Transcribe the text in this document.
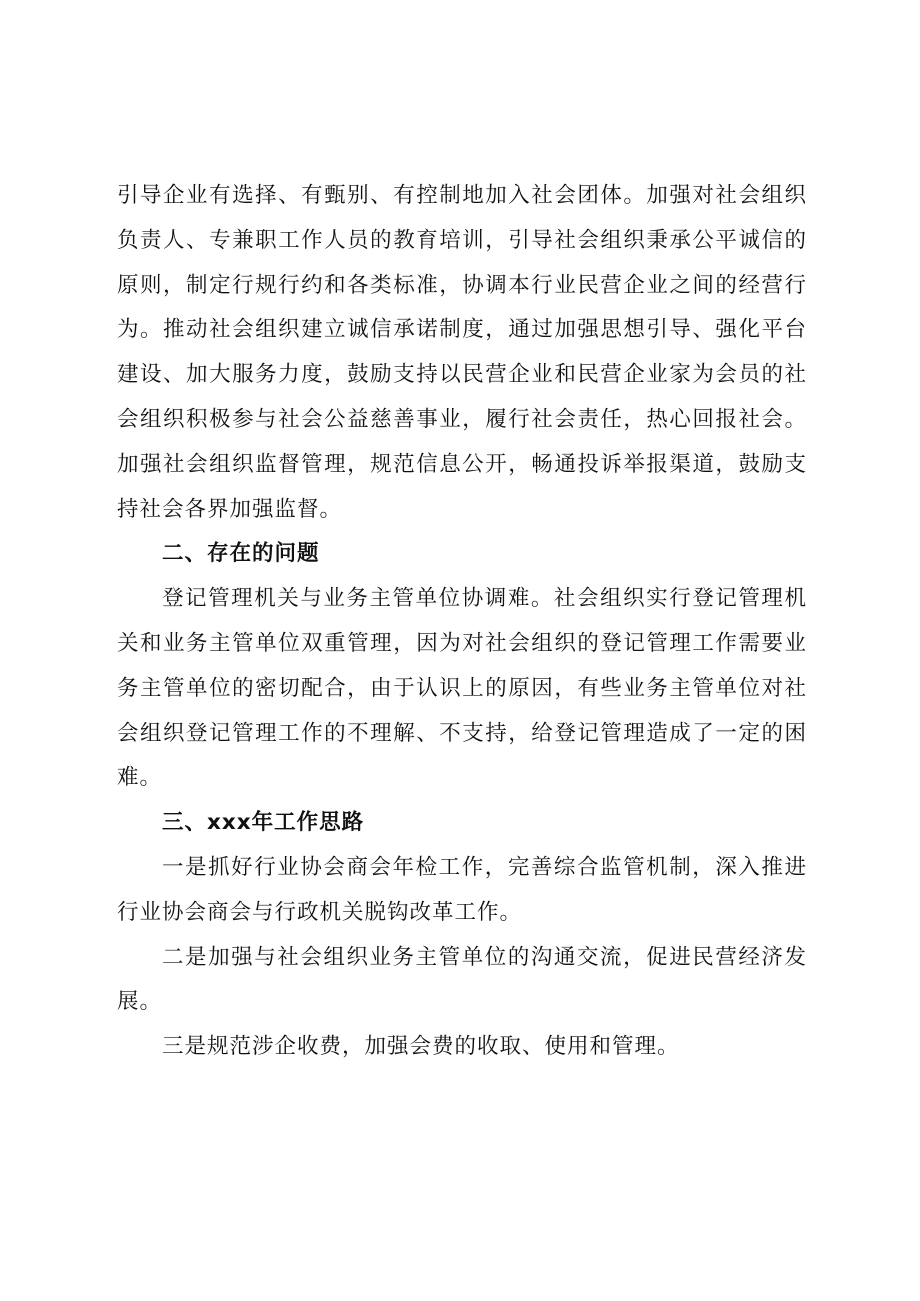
引导企业有选择、有甄别、有控制地加入社会团体。加强对社会组织负责人、专兼职工作人员的教育培训，引导社会组织秉承公平诚信的原则，制定行规行约和各类标准，协调本行业民营企业之间的经营行为。推动社会组织建立诚信承诺制度，通过加强思想引导、强化平台建设、加大服务力度，鼓励支持以民营企业和民营企业家为会员的社会组织积极参与社会公益慈善事业，履行社会责任，热心回报社会。加强社会组织监督管理，规范信息公开，畅通投诉举报渠道，鼓励支持社会各界加强监督。

二、存在的问题

登记管理机关与业务主管单位协调难。社会组织实行登记管理机关和业务主管单位双重管理，因为对社会组织的登记管理工作需要业务主管单位的密切配合，由于认识上的原因，有些业务主管单位对社会组织登记管理工作的不理解、不支持，给登记管理造成了一定的困难。

三、xxx年工作思路

一是抓好行业协会商会年检工作，完善综合监管机制，深入推进行业协会商会与行政机关脱钩改革工作。

二是加强与社会组织业务主管单位的沟通交流，促进民营经济发展。

三是规范涉企收费，加强会费的收取、使用和管理。
